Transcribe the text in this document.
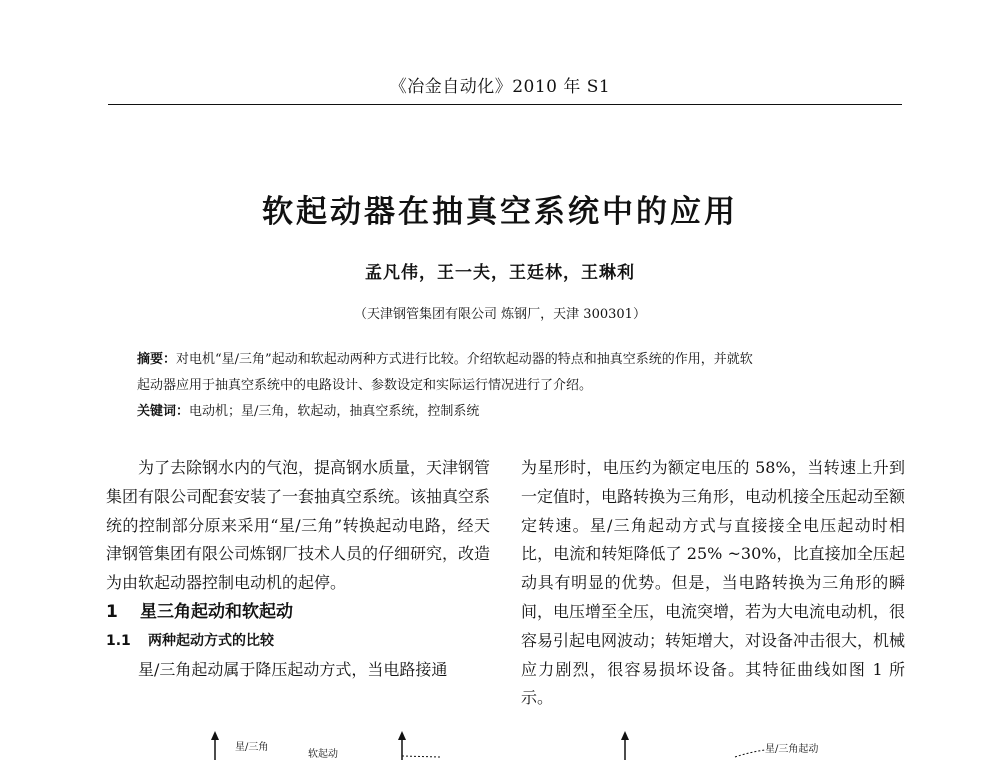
《冶金自动化》2010 年 S1
软起动器在抽真空系统中的应用
孟凡伟，王一夫，王廷林，王琳利
（天津钢管集团有限公司 炼钢厂，天津 300301）
摘要：对电机“星/三角”起动和软起动两种方式进行比较。介绍软起动器的特点和抽真空系统的作用，并就软
起动器应用于抽真空系统中的电路设计、参数设定和实际运行情况进行了介绍。
关键词：电动机；星/三角，软起动，抽真空系统，控制系统

为了去除钢水内的气泡，提高钢水质量，天津钢管集团有限公司配套安装了一套抽真空系统。该抽真空系统的控制部分原来采用“星/三角”转换起动电路，经天津钢管集团有限公司炼钢厂技术人员的仔细研究，改造为由软起动器控制电动机的起停。

1 星三角起动和软起动
1.1 两种起动方式的比较

星/三角起动属于降压起动方式，当电路接通

为星形时，电压约为额定电压的 58%，当转速上升到一定值时，电路转换为三角形，电动机接全压起动至额定转速。星/三角起动方式与直接接全电压起动时相比，电流和转矩降低了 25% ~30%，比直接加全压起动具有明显的优势。但是，当电路转换为三角形的瞬间，电压增至全压，电流突增，若为大电流电动机，很容易引起电网波动；转矩增大，对设备冲击很大，机械应力剧烈，很容易损坏设备。其特征曲线如图 1 所示。

星/三角
软起动	星/三角起动
